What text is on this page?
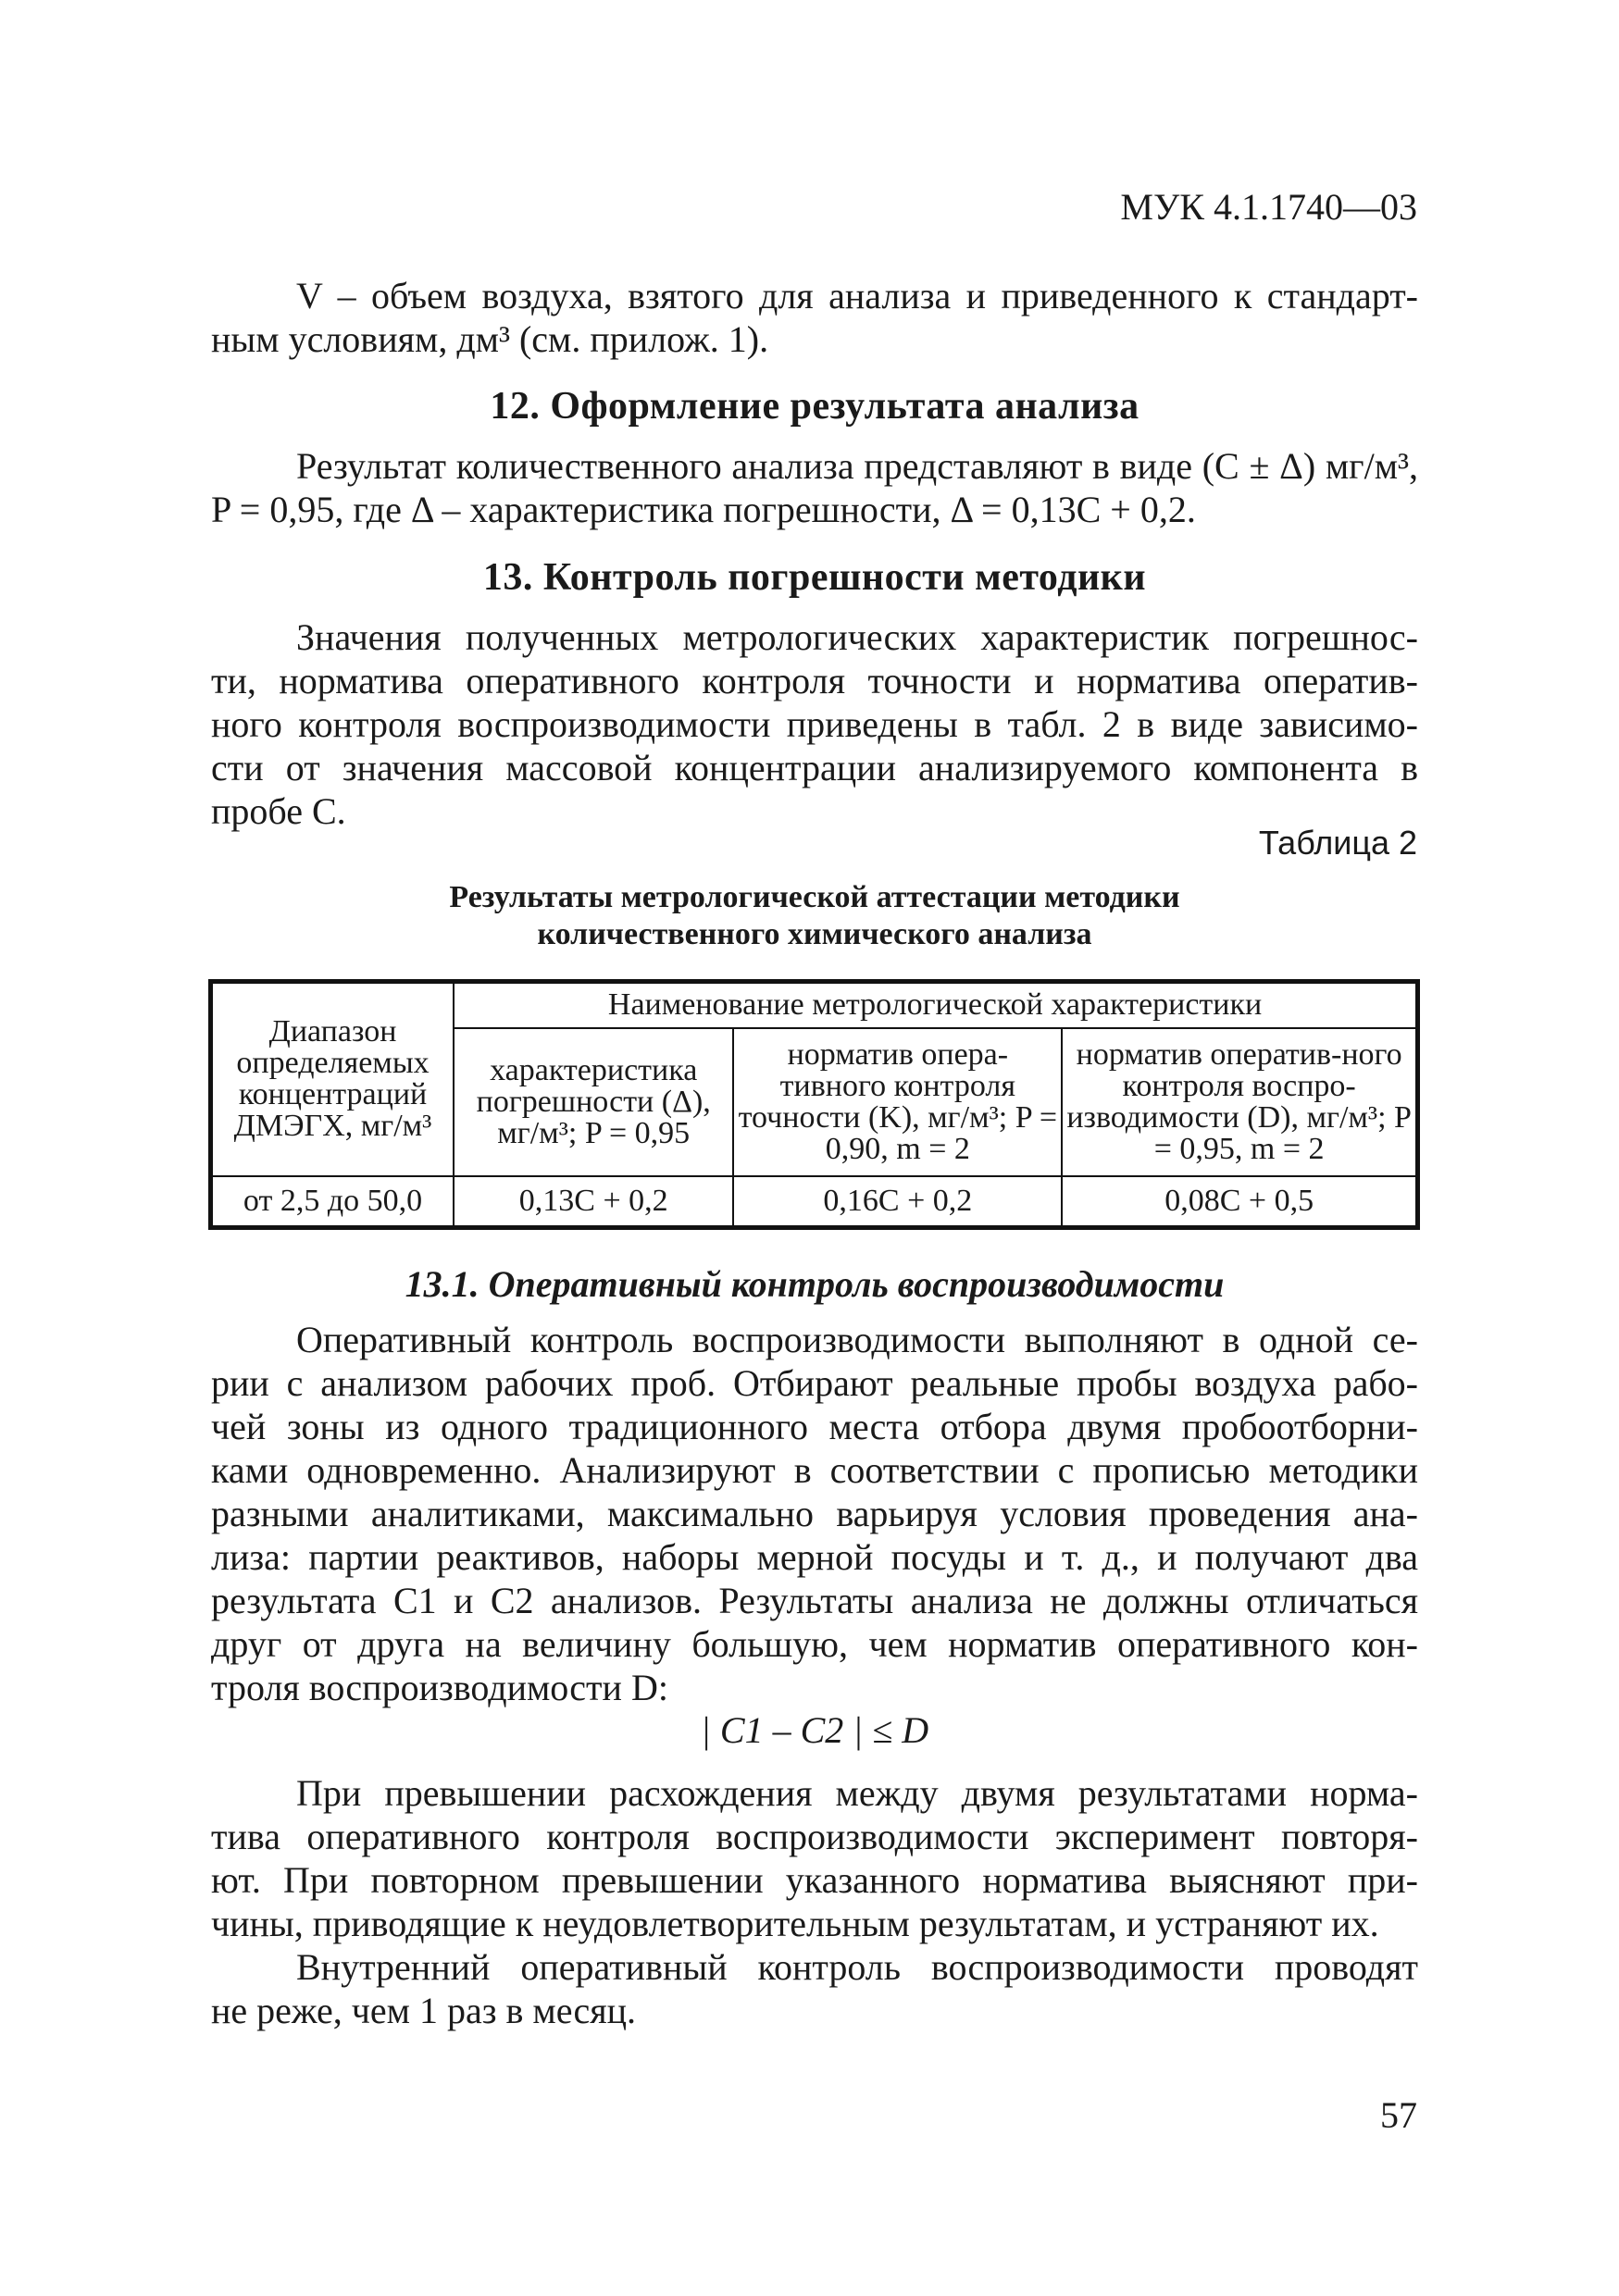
МУК 4.1.1740—03
V – объем воздуха, взятого для анализа и приведенного к стандарт-
ным условиям, дм³ (см. прилож. 1).
12. Оформление результата анализа
Результат количественного анализа представляют в виде (C ± Δ) мг/м³,
P = 0,95, где Δ – характеристика погрешности, Δ = 0,13C + 0,2.
13. Контроль погрешности методики
Значения полученных метрологических характеристик погрешнос-
ти, норматива оперативного контроля точности и норматива оператив-
ного контроля воспроизводимости приведены в табл. 2 в виде зависимо-
сти от значения массовой концентрации анализируемого компонента в
пробе C.
Таблица 2
Результаты метрологической аттестации методики
количественного химического анализа
Диапазон определяемых концентраций ДМЭГХ, мг/м³	Наименование метрологической характеристики		
	характеристика погрешности (Δ), мг/м³; P = 0,95	норматив опера-тивного контроля точности (K), мг/м³; P = 0,90, m = 2	норматив оператив-ного контроля воспро-изводимости (D), мг/м³; P = 0,95, m = 2
от 2,5 до 50,0	0,13C + 0,2	0,16C + 0,2	0,08C + 0,5
13.1. Оперативный контроль воспроизводимости
Оперативный контроль воспроизводимости выполняют в одной се-
рии с анализом рабочих проб. Отбирают реальные пробы воздуха рабо-
чей зоны из одного традиционного места отбора двумя пробоотборни-
ками одновременно. Анализируют в соответствии с прописью методики
разными аналитиками, максимально варьируя условия проведения ана-
лиза: партии реактивов, наборы мерной посуды и т. д., и получают два
результата C1 и C2 анализов. Результаты анализа не должны отличаться
друг от друга на величину большую, чем норматив оперативного кон-
троля воспроизводимости D:
| C1 – C2 | ≤ D
При превышении расхождения между двумя результатами норма-
тива оперативного контроля воспроизводимости эксперимент повторя-
ют. При повторном превышении указанного норматива выясняют при-
чины, приводящие к неудовлетворительным результатам, и устраняют их.
Внутренний оперативный контроль воспроизводимости проводят
не реже, чем 1 раз в месяц.
57
